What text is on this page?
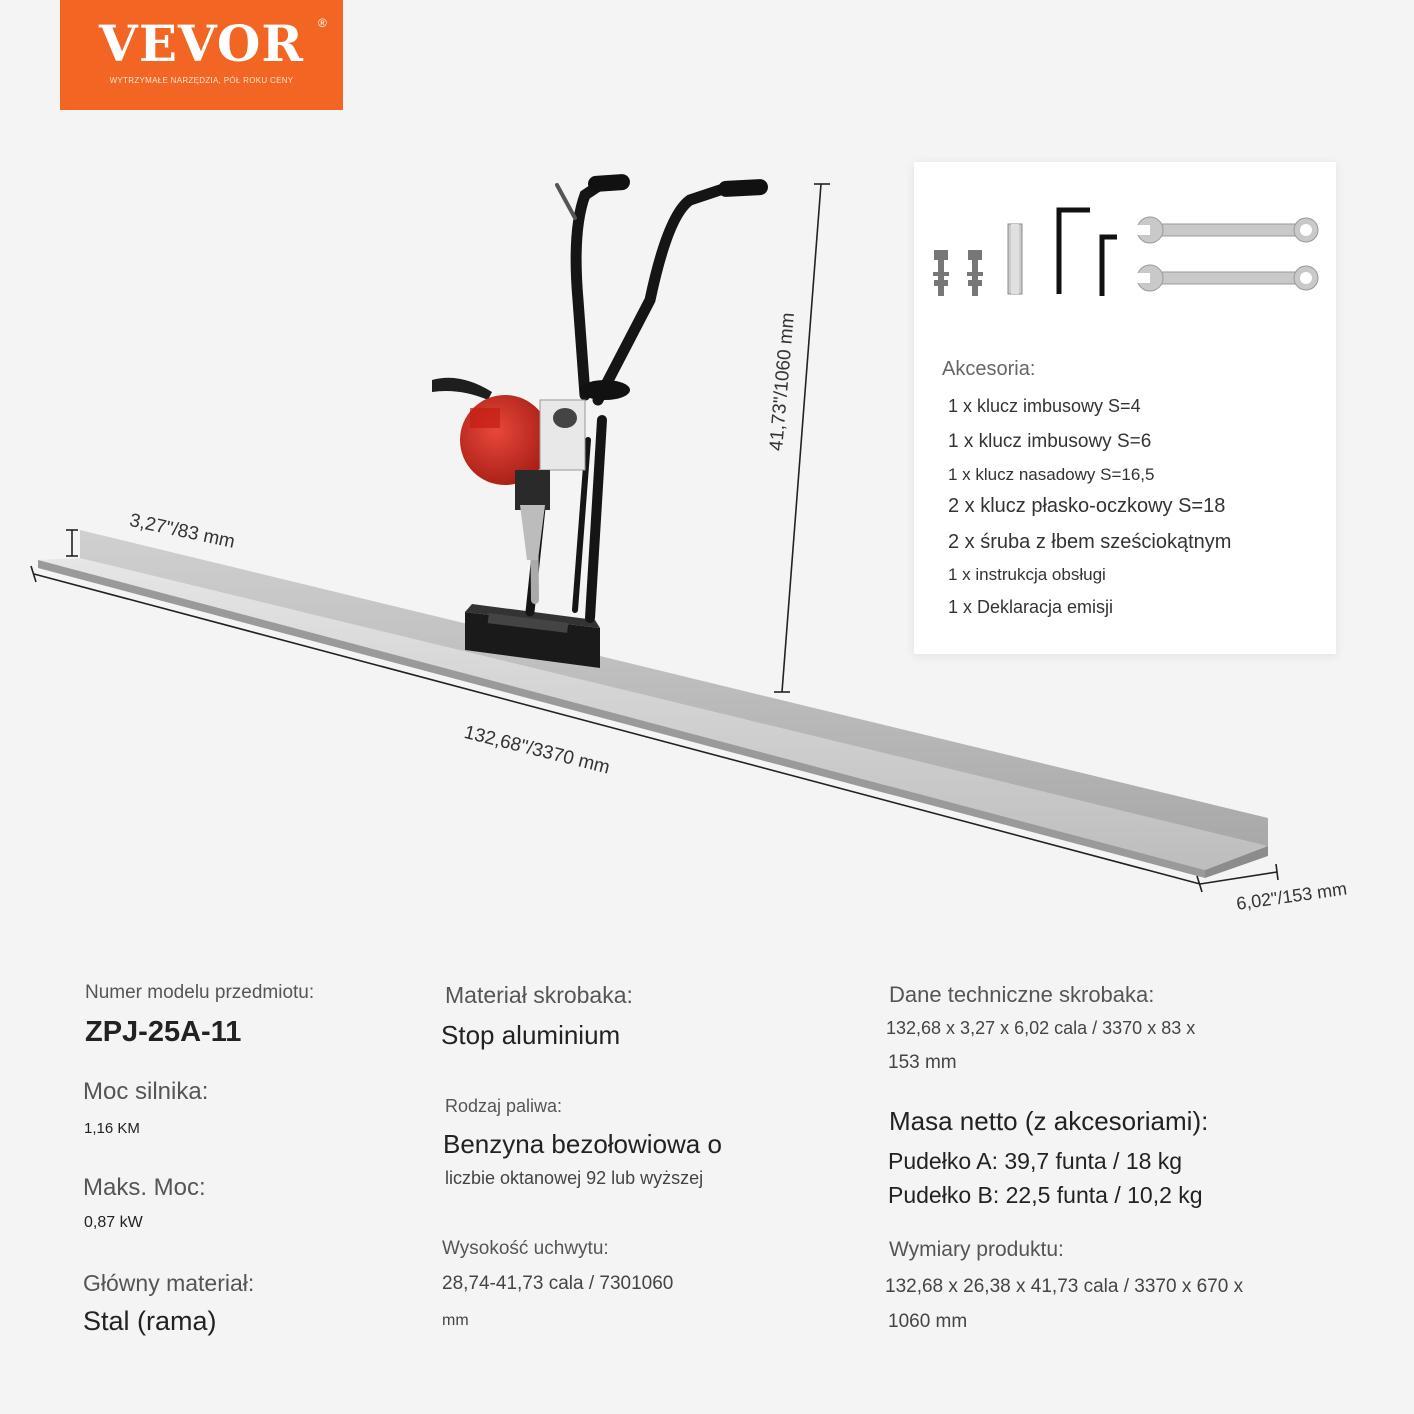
VEVOR	®
WYTRZYMAŁE NARZĘDZIA, PÓŁ ROKU CENY
3,27"/83 mm
41,73"/1060 mm
132,68"/3370 mm
6,02"/153 mm
Akcesoria:
1 x klucz imbusowy S=4
1 x klucz imbusowy S=6
1 x klucz nasadowy S=16,5
2 x klucz płasko-oczkowy S=18
2 x śruba z łbem sześciokątnym
1 x instrukcja obsługi
1 x Deklaracja emisji
Numer modelu przedmiotu:
ZPJ-25A-11
Moc silnika:
1,16 KM
Maks. Moc:
0,87 kW
Główny materiał:
Stal (rama)
Materiał skrobaka:
Stop aluminium
Rodzaj paliwa:
Benzyna bezołowiowa o
liczbie oktanowej 92 lub wyższej
Wysokość uchwytu:
28,74-41,73 cala / 7301060
mm
Dane techniczne skrobaka:
132,68 x 3,27 x 6,02 cala / 3370 x 83 x
153 mm
Masa netto (z akcesoriami):
Pudełko A: 39,7 funta / 18 kg
Pudełko B: 22,5 funta / 10,2 kg
Wymiary produktu:
132,68 x 26,38 x 41,73 cala / 3370 x 670 x
1060 mm
